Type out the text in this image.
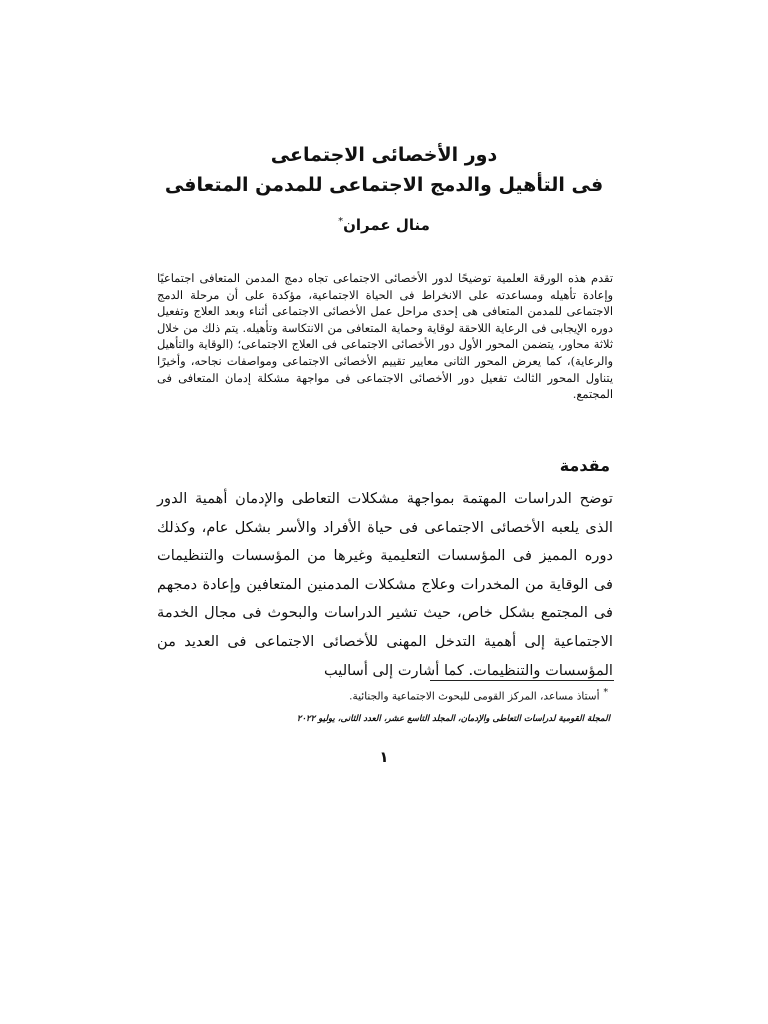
دور الأخصائى الاجتماعى
فى التأهيل والدمج الاجتماعى للمدمن المتعافى
منال عمران*
تقدم هذه الورقة العلمية توضيحًا لدور الأخصائى الاجتماعى تجاه دمج المدمن المتعافى اجتماعيًا وإعادة تأهيله ومساعدته على الانخراط فى الحياة الاجتماعية، مؤكدة على أن مرحلة الدمج الاجتماعى للمدمن المتعافى هى إحدى مراحل عمل الأخصائى الاجتماعى أثناء وبعد العلاج وتفعيل دوره الإيجابى فى الرعاية اللاحقة لوقاية وحماية المتعافى من الانتكاسة وتأهيله. يتم ذلك من خلال ثلاثة محاور، يتضمن المحور الأول دور الأخصائى الاجتماعى فى العلاج الاجتماعى؛ (الوقاية والتأهيل والرعاية)، كما يعرض المحور الثانى معايير تقييم الأخصائى الاجتماعى ومواصفات نجاحه، وأخيرًا يتناول المحور الثالث تفعيل دور الأخصائى الاجتماعى فى مواجهة مشكلة إدمان المتعافى فى المجتمع.
مقدمة
توضح الدراسات المهتمة بمواجهة مشكلات التعاطى والإدمان أهمية الدور الذى يلعبه الأخصائى الاجتماعى فى حياة الأفراد والأسر بشكل عام، وكذلك دوره المميز فى المؤسسات التعليمية وغيرها من المؤسسات والتنظيمات فى الوقاية من المخدرات وعلاج مشكلات المدمنين المتعافين وإعادة دمجهم فى المجتمع بشكل خاص، حيث تشير الدراسات والبحوث فى مجال الخدمة الاجتماعية إلى أهمية التدخل المهنى للأخصائى الاجتماعى فى العديد من المؤسسات والتنظيمات. كما أشارت إلى أساليب
*أستاذ مساعد، المركز القومى للبحوث الاجتماعية والجنائية.
المجلة القومية لدراسات التعاطى والإدمان، المجلد التاسع عشر، العدد الثانى، يوليو ٢٠٢٢
١
